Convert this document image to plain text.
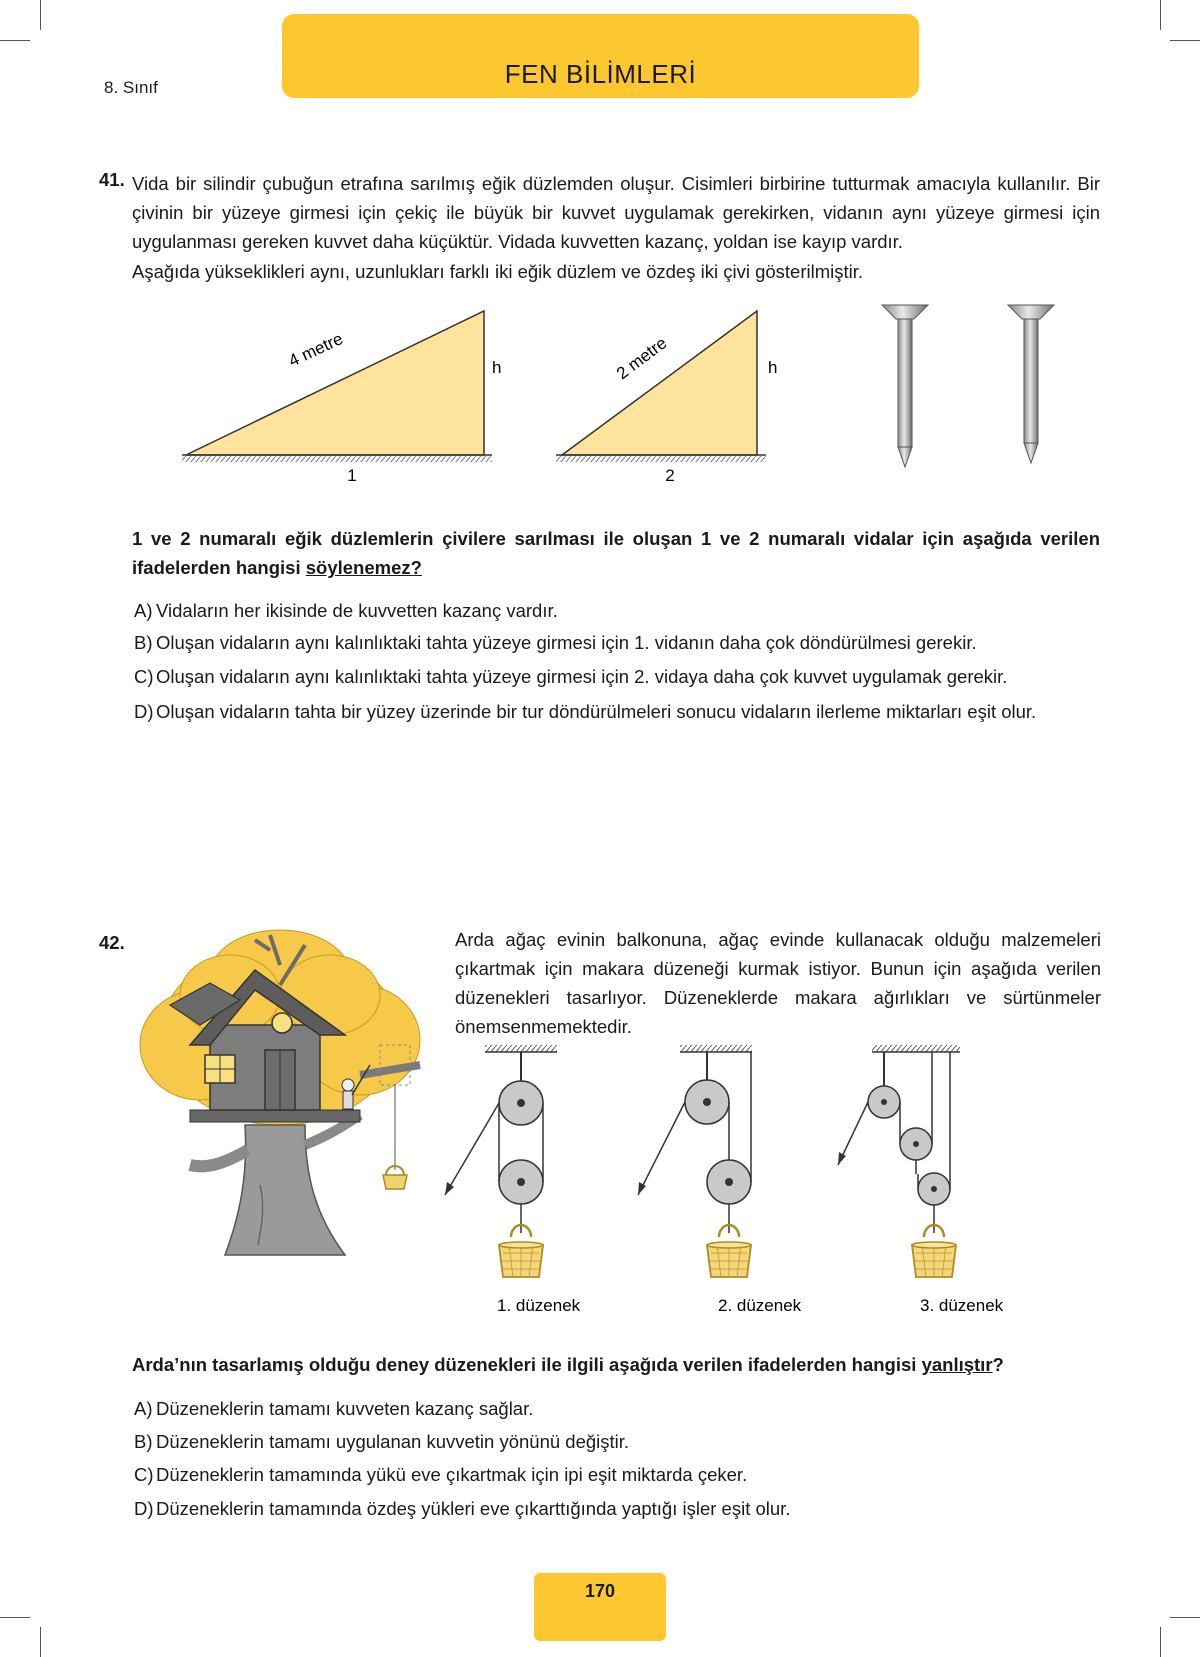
8. Sınıf	FEN BİLİMLERİ
41. Vida bir silindir çubuğun etrafına sarılmış eğik düzlemden oluşur. Cisimleri birbirine tutturmak amacıyla kullanılır. Bir çivinin bir yüzeye girmesi için çekiç ile büyük bir kuvvet uygulamak gerekirken, vidanın aynı yüzeye girmesi için uygulanması gereken kuvvet daha küçüktür. Vidada kuvvetten kazanç, yoldan ise kayıp vardır.

Aşağıda yükseklikleri aynı, uzunlukları farklı iki eğik düzlem ve özdeş iki çivi gösterilmiştir.

4 metre	h
1
2 metre	h
2

1 ve 2 numaralı eğik düzlemlerin çivilere sarılması ile oluşan 1 ve 2 numaralı vidalar için aşağıda verilen ifadelerden hangisi söylenemez?

A) Vidaların her ikisinde de kuvvetten kazanç vardır.
B) Oluşan vidaların aynı kalınlıktaki tahta yüzeye girmesi için 1. vidanın daha çok döndürülmesi gerekir.
C) Oluşan vidaların aynı kalınlıktaki tahta yüzeye girmesi için 2. vidaya daha çok kuvvet uygulamak gerekir.
D) Oluşan vidaların tahta bir yüzey üzerinde bir tur döndürülmeleri sonucu vidaların ilerleme miktarları eşit olur.
42.	Arda ağaç evinin balkonuna, ağaç evinde kullanacak olduğu malzemeleri çıkartmak için makara düzeneği kurmak istiyor. Bunun için aşağıda verilen düzenekleri tasarlıyor. Düzeneklerde makara ağırlıkları ve sürtünmeler önemsenmemektedir.

1. düzenek	2. düzenek	3. düzenek

Arda’nın tasarlamış olduğu deney düzenekleri ile ilgili aşağıda verilen ifadelerden hangisi yanlıştır?

A) Düzeneklerin tamamı kuvveten kazanç sağlar.
B) Düzeneklerin tamamı uygulanan kuvvetin yönünü değiştir.
C) Düzeneklerin tamamında yükü eve çıkartmak için ipi eşit miktarda çeker.
D) Düzeneklerin tamamında özdeş yükleri eve çıkarttığında yaptığı işler eşit olur.
170
